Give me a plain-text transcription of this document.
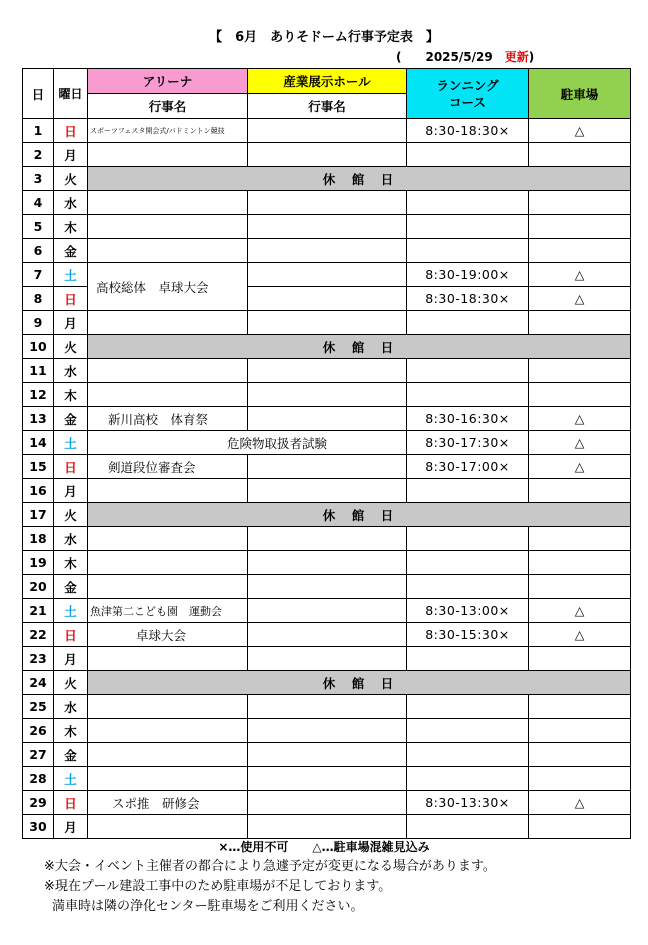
【　6月　ありそドーム行事予定表　】
(　　2025/5/29　更新)
日	曜日	アリーナ	産業展示ホール	ランニング
コース	駐車場
		行事名	行事名		
1	日	スポーツフェスタ開会式/バドミントン競技		8:30-18:30×	△
2	月				
3	火	休　館　日			
4	水				
5	木				
6	金				
7	土	高校総体　卓球大会		8:30-19:00×	△
8	日			8:30-18:30×	△
9	月				
10	火	休　館　日			
11	水				
12	木				
13	金	新川高校　体育祭		8:30-16:30×	△
14	土	危険物取扱者試験		8:30-17:30×	△
15	日	剣道段位審査会		8:30-17:00×	△
16	月				
17	火	休　館　日			
18	水				
19	木				
20	金				
21	土	魚津第二こども園　運動会		8:30-13:00×	△
22	日	卓球大会		8:30-15:30×	△
23	月				
24	火	休　館　日			
25	水				
26	木				
27	金				
28	土				
29	日	スポ推　研修会		8:30-13:30×	△
30	月				
×…使用不可　　△…駐車場混雑見込み
※大会・イベント主催者の都合により急遽予定が変更になる場合があります。
※現在プール建設工事中のため駐車場が不足しております。
満車時は隣の浄化センター駐車場をご利用ください。
